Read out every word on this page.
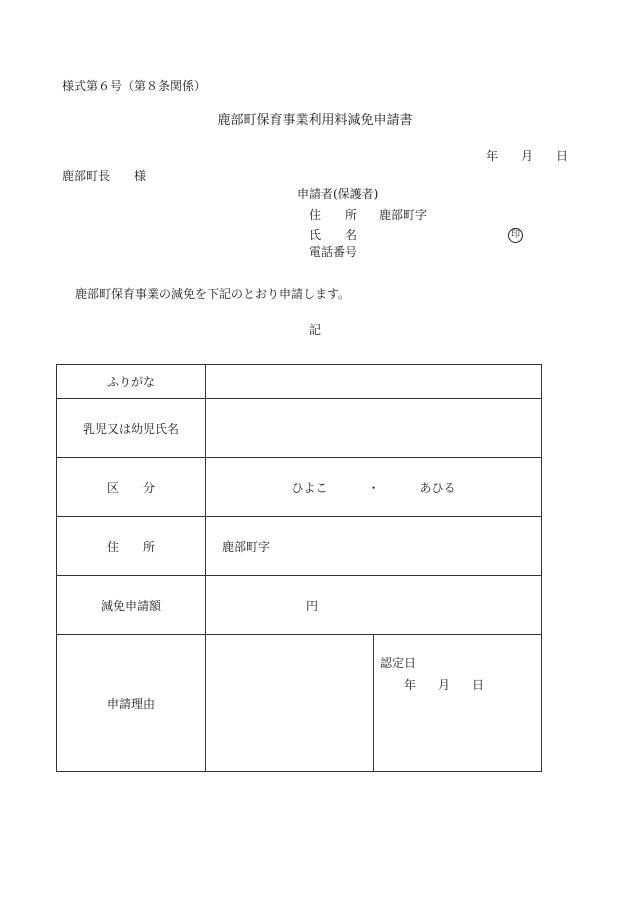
様式第６号（第８条関係）
鹿部町保育事業利用料減免申請書
年 月 日
鹿部町長　　様
申請者(保護者)
住　　所 鹿部町字
氏　　名	印
電話番号
鹿部町保育事業の減免を下記のとおり申請します。
記
ふりがな		
乳児又は幼児氏名		
区　　分	ひよこ ・ あひる	
住　　所	鹿部町字	
減免申請額	円	
申請理由		認定日
年 月 日
